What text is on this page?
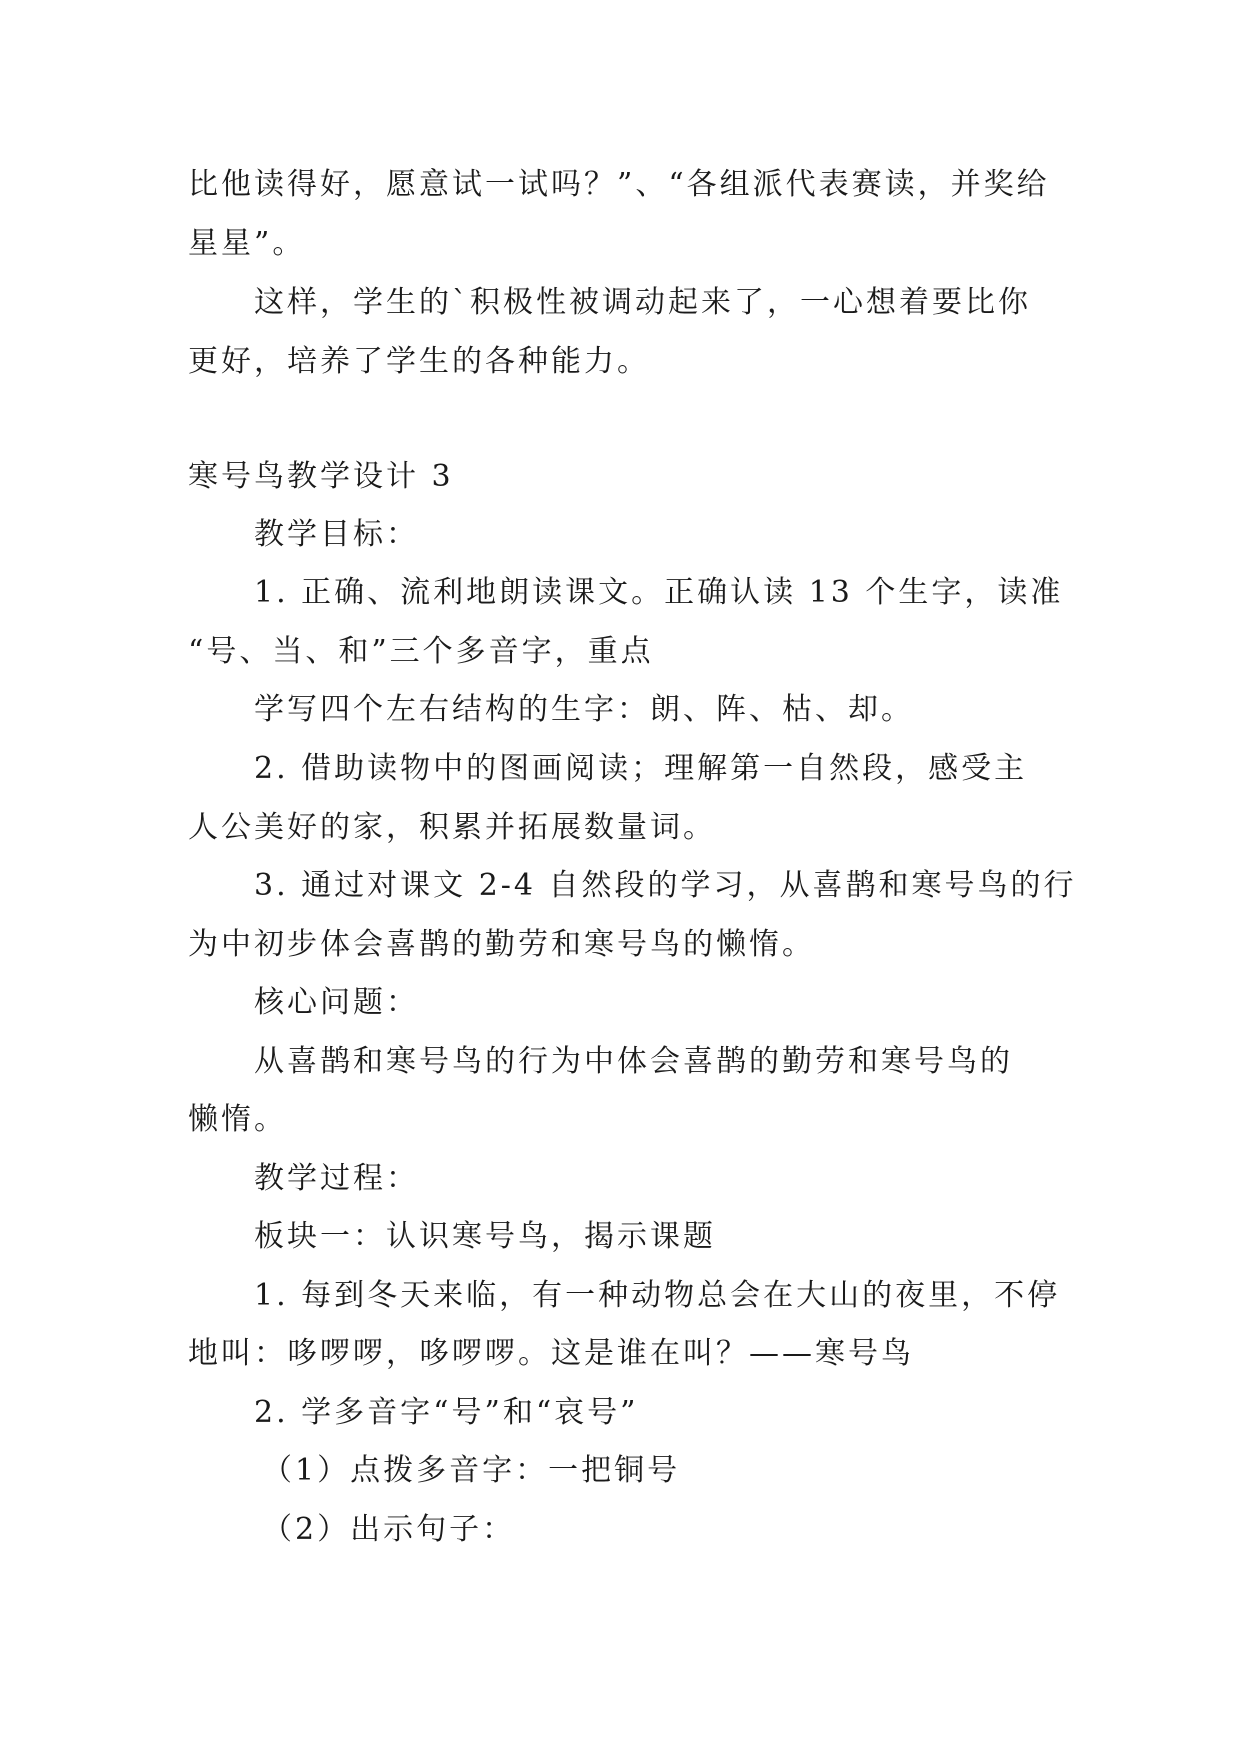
比他读得好，愿意试一试吗？”、“各组派代表赛读，并奖给
星星”。
这样，学生的`积极性被调动起来了，一心想着要比你
更好，培养了学生的各种能力。
寒号鸟教学设计 3
教学目标：
1. 正确、流利地朗读课文。正确认读 13 个生字，读准
“号、当、和”三个多音字，重点
学写四个左右结构的生字：朗、阵、枯、却。
2. 借助读物中的图画阅读；理解第一自然段，感受主
人公美好的家，积累并拓展数量词。
3. 通过对课文 2-4 自然段的学习，从喜鹊和寒号鸟的行
为中初步体会喜鹊的勤劳和寒号鸟的懒惰。
核心问题：
从喜鹊和寒号鸟的行为中体会喜鹊的勤劳和寒号鸟的
懒惰。
教学过程：
板块一：认识寒号鸟，揭示课题
1. 每到冬天来临，有一种动物总会在大山的夜里，不停
地叫：哆啰啰，哆啰啰。这是谁在叫？——寒号鸟
2. 学多音字“号”和“哀号”
（1）点拨多音字：一把铜号
（2）出示句子：
